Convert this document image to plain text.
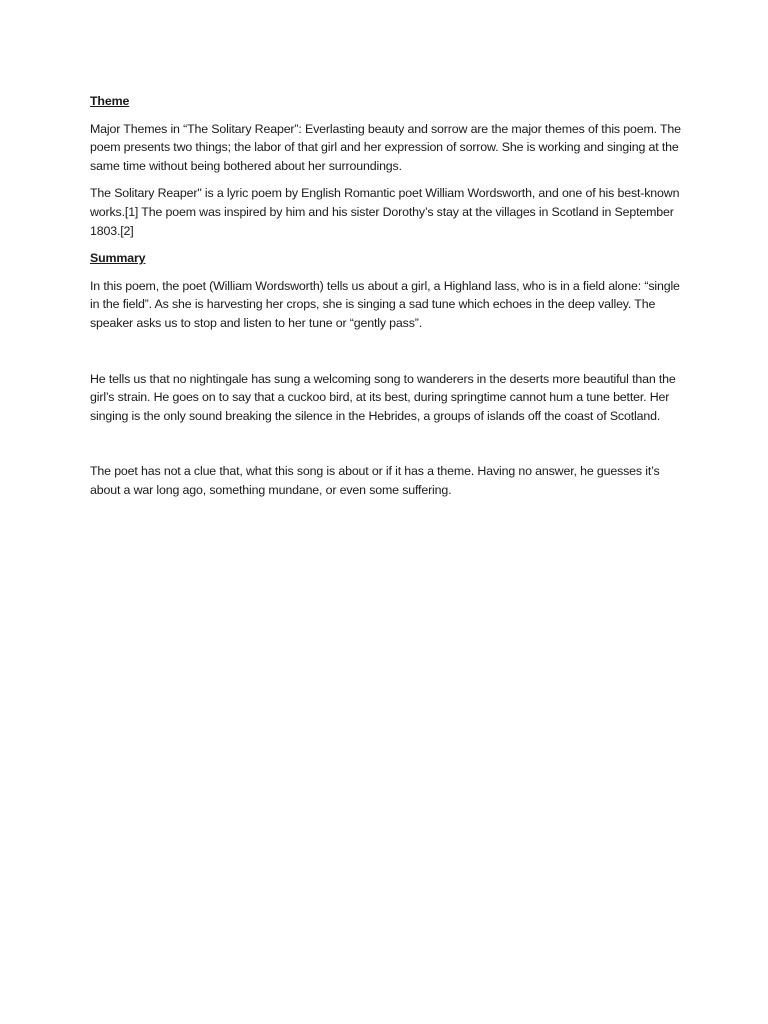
Theme

Major Themes in “The Solitary Reaper”: Everlasting beauty and sorrow are the major themes of this poem. The poem presents two things; the labor of that girl and her expression of sorrow. She is working and singing at the same time without being bothered about her surroundings.

The Solitary Reaper" is a lyric poem by English Romantic poet William Wordsworth, and one of his best-known works.[1] The poem was inspired by him and his sister Dorothy’s stay at the villages in Scotland in September 1803.[2]

Summary

In this poem, the poet (William Wordsworth) tells us about a girl, a Highland lass, who is in a field alone: “single in the field”. As she is harvesting her crops, she is singing a sad tune which echoes in the deep valley. The speaker asks us to stop and listen to her tune or “gently pass”.

He tells us that no nightingale has sung a welcoming song to wanderers in the deserts more beautiful than the girl’s strain. He goes on to say that a cuckoo bird, at its best, during springtime cannot hum a tune better. Her singing is the only sound breaking the silence in the Hebrides, a groups of islands off the coast of Scotland.

The poet has not a clue that, what this song is about or if it has a theme. Having no answer, he guesses it’s about a war long ago, something mundane, or even some suffering.
